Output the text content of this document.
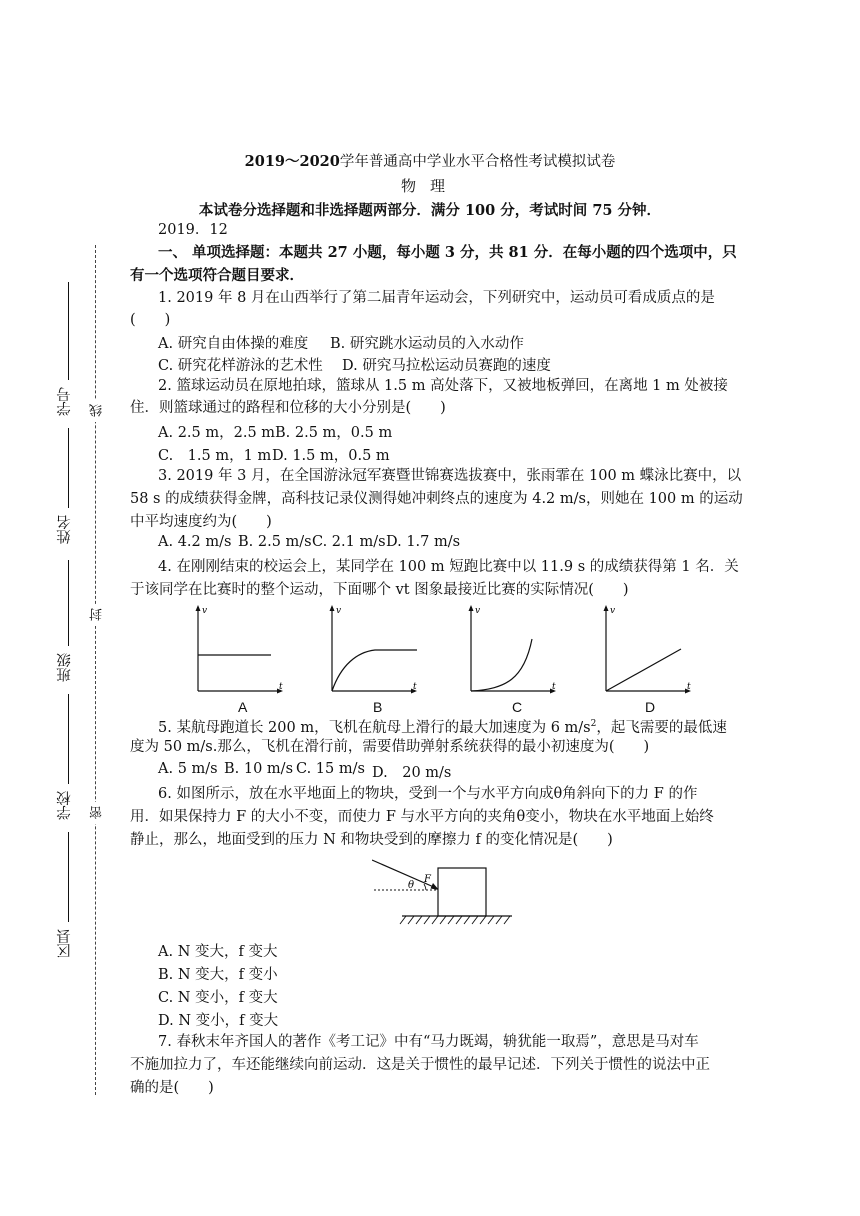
2019～2020学年普通高中学业水平合格性考试模拟试卷
物理
本试卷分选择题和非选择题两部分．满分 100 分，考试时间 75 分钟．
2019．12
一、 单项选择题：本题共 27 小题，每小题 3 分，共 81 分．在每小题的四个选项中，只
有一个选项符合题目要求．
1. 2019 年 8 月在山西举行了第二届青年运动会，下列研究中，运动员可看成质点的是
(　　)
A. 研究自由体操的难度 B. 研究跳水运动员的入水动作
C. 研究花样游泳的艺术性 D. 研究马拉松运动员赛跑的速度
2. 篮球运动员在原地拍球，篮球从 1.5 m 高处落下，又被地板弹回，在离地 1 m 处被接
住．则篮球通过的路程和位移的大小分别是(　　)
A. 2.5 m，2.5 m B. 2.5 m，0.5 m
C.　1.5 m，1 m D. 1.5 m，0.5 m
3. 2019 年 3 月，在全国游泳冠军赛暨世锦赛选拔赛中，张雨霏在 100 m 蝶泳比赛中，以
58 s 的成绩获得金牌，高科技记录仪测得她冲刺终点的速度为 4.2 m/s，则她在 100 m 的运动
中平均速度约为(　　)
A. 4.2 m/s B. 2.5 m/s C. 2.1 m/s D. 1.7 m/s
4. 在刚刚结束的校运会上，某同学在 100 m 短跑比赛中以 11.9 s 的成绩获得第 1 名．关
于该同学在比赛时的整个运动，下面哪个 vt 图象最接近比赛的实际情况(　　)
v
t
A
v
t
B
v
t
C
v
t
D
5. 某航母跑道长 200 m，飞机在航母上滑行的最大加速度为 6 $m/s^2$，起飞需要的最低速
度为 50 m/s.那么，飞机在滑行前，需要借助弹射系统获得的最小初速度为(　　)
A. 5 m/s B. 10 m/s C. 15 m/s D.　20 m/s
6. 如图所示，放在水平地面上的物块，受到一个与水平方向成θ角斜向下的力 F 的作
用．如果保持力 F 的大小不变，而使力 F 与水平方向的夹角θ变小，物块在水平地面上始终
静止，那么，地面受到的压力 N 和物块受到的摩擦力 f 的变化情况是(　　)
F
θ
A. N 变大，f 变大
B. N 变大，f 变小
C. N 变小，f 变大
D. N 变小，f 变大
7. 春秋末年齐国人的著作《考工记》中有“马力既竭，辀犹能一取焉”，意思是马对车
不施加拉力了，车还能继续向前运动．这是关于惯性的最早记述．下列关于惯性的说法中正
确的是(　　)
学号
姓名
班级
学校
区县
线
封
密
